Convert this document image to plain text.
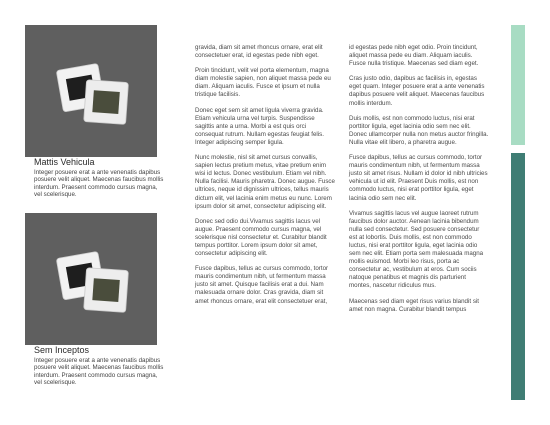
Mattis Vehicula
Integer posuere erat a ante venenatis dapibus posuere velit aliquet. Maecenas faucibus mollis interdum. Praesent commodo cursus magna, vel scelerisque.
Sem Inceptos
Integer posuere erat a ante venenatis dapibus posuere velit aliquet. Maecenas faucibus mollis interdum. Praesent commodo cursus magna, vel scelerisque.

gravida, diam sit amet rhoncus ornare, erat elit consectetuer erat, id egestas pede nibh eget.

Proin tincidunt, velit vel porta elementum, magna diam molestie sapien, non aliquet massa pede eu diam. Aliquam iaculis. Fusce et ipsum et nulla tristique facilisis.

Donec eget sem sit amet ligula viverra gravida. Etiam vehicula urna vel turpis. Suspendisse sagittis ante a urna. Morbi a est quis orci consequat rutrum. Nullam egestas feugiat felis. Integer adipiscing semper ligula.

Nunc molestie, nisl sit amet cursus convallis, sapien lectus pretium metus, vitae pretium enim wisi id lectus. Donec vestibulum. Etiam vel nibh. Nulla facilisi. Mauris pharetra. Donec augue. Fusce ultrices, neque id dignissim ultrices, tellus mauris dictum elit, vel lacinia enim metus eu nunc. Lorem ipsum dolor sit amet, consectetur adipiscing elit.

Donec sed odio dui.Vivamus sagittis lacus vel augue. Praesent commodo cursus magna, vel scelerisque nisl consectetur et. Curabitur blandit tempus porttitor. Lorem ipsum dolor sit amet, consectetur adipiscing elit.

Fusce dapibus, tellus ac cursus commodo, tortor mauris condimentum nibh, ut fermentum massa justo sit amet. Quisque facilisis erat a dui. Nam malesuada ornare dolor. Cras gravida, diam sit amet rhoncus ornare, erat elit consectetuer erat,

id egestas pede nibh eget odio. Proin tincidunt, aliquet massa pede eu diam. Aliquam iaculis. Fusce nulla tristique. Maecenas sed diam eget.

Cras justo odio, dapibus ac facilisis in, egestas eget quam. Integer posuere erat a ante venenatis dapibus posuere velit aliquet. Maecenas faucibus mollis interdum.

Duis mollis, est non commodo luctus, nisi erat porttitor ligula, eget lacinia odio sem nec elit. Donec ullamcorper nulla non metus auctor fringilla. Nulla vitae elit libero, a pharetra augue.

Fusce dapibus, tellus ac cursus commodo, tortor mauris condimentum nibh, ut fermentum massa justo sit amet risus. Nullam id dolor id nibh ultricies vehicula ut id elit. Praesent Duis mollis, est non commodo luctus, nisi erat porttitor ligula, eget lacinia odio sem nec elit.

Vivamus sagittis lacus vel augue laoreet rutrum faucibus dolor auctor. Aenean lacinia bibendum nulla sed consectetur. Sed posuere consectetur est at lobortis. Duis mollis, est non commodo luctus, nisi erat porttitor ligula, eget lacinia odio sem nec elit. Etiam porta sem malesuada magna mollis euismod. Morbi leo risus, porta ac consectetur ac, vestibulum at eros. Cum sociis natoque penatibus et magnis dis parturient montes, nascetur ridiculus mus.

Maecenas sed diam eget risus varius blandit sit amet non magna. Curabitur blandit tempus
